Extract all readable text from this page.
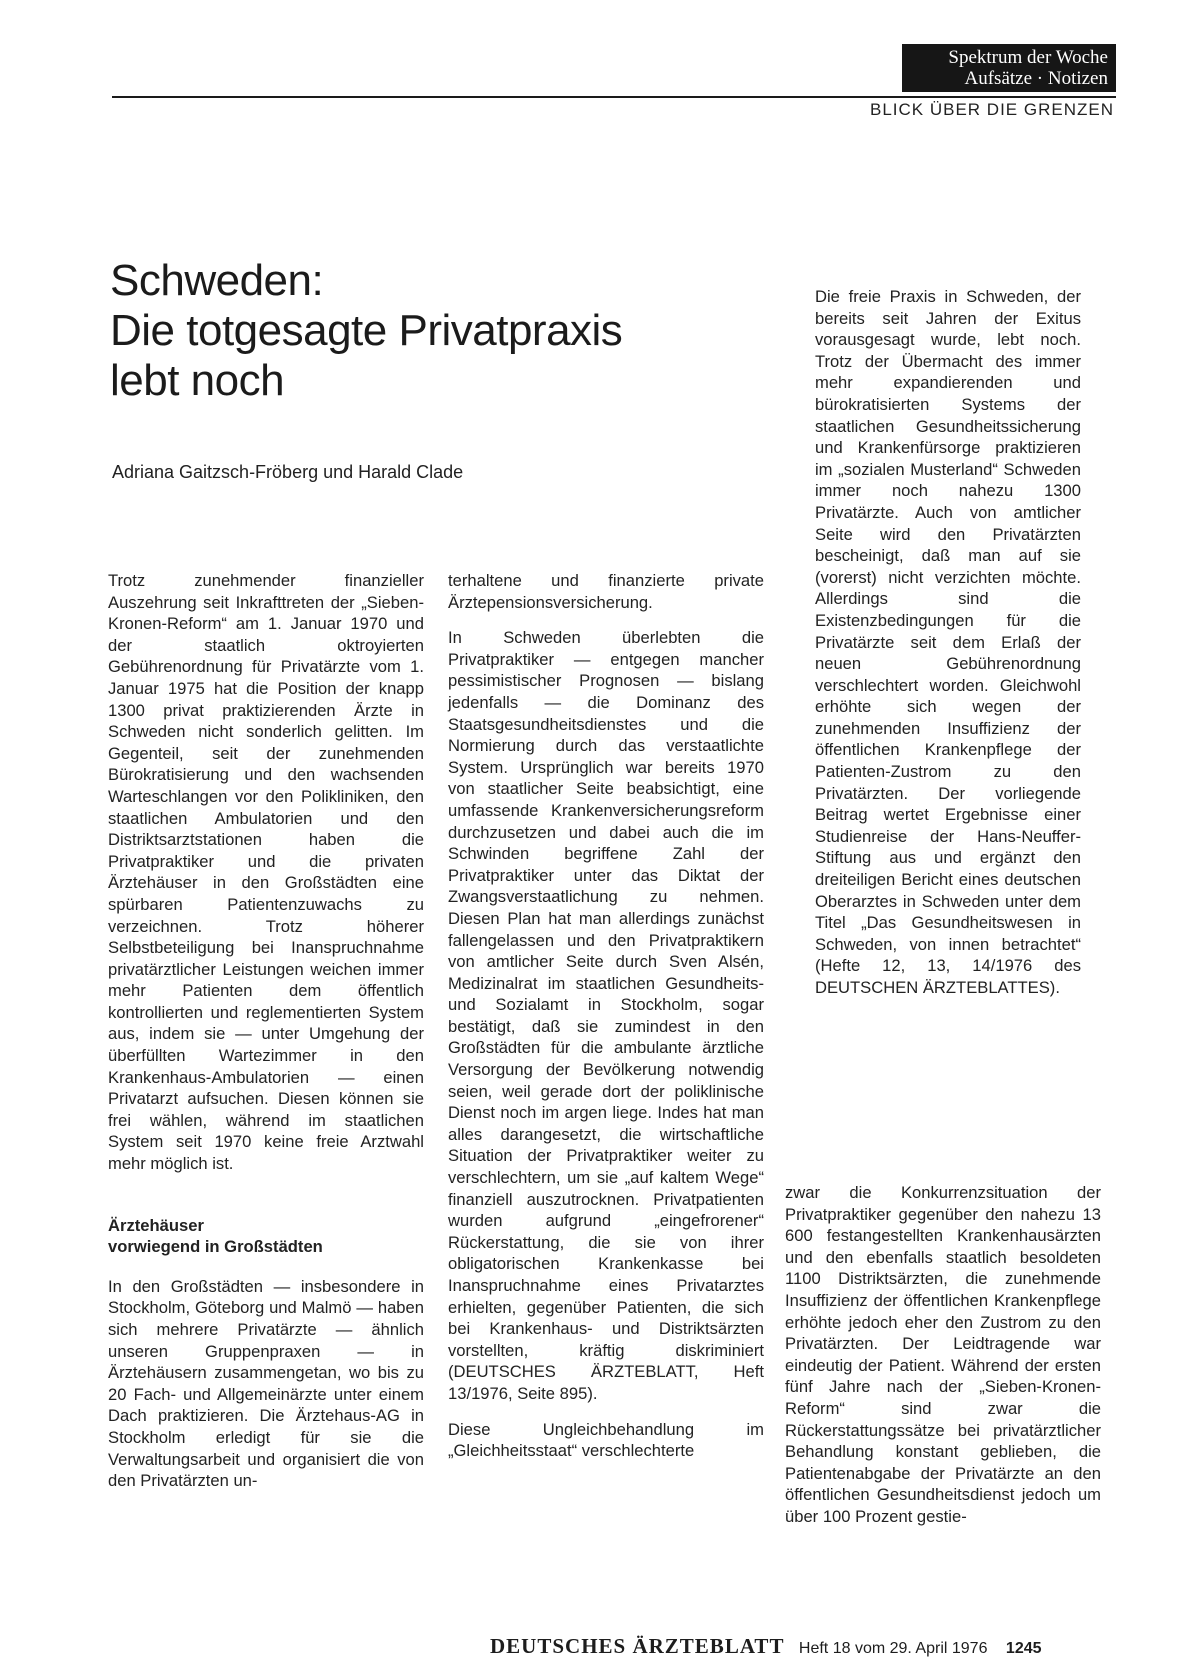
Spektrum der Woche
Aufsätze · Notizen
BLICK ÜBER DIE GRENZEN
Schweden:
Die totgesagte Privatpraxis
lebt noch
Adriana Gaitzsch-Fröberg und Harald Clade

Die freie Praxis in Schweden, der bereits seit Jahren der Exitus vorausgesagt wurde, lebt noch. Trotz der Übermacht des immer mehr expandierenden und bürokratisierten Systems der staatlichen Gesundheitssicherung und Krankenfürsorge praktizieren im „sozialen Musterland“ Schweden immer noch nahezu 1300 Privatärzte. Auch von amtlicher Seite wird den Privatärzten bescheinigt, daß man auf sie (vorerst) nicht verzichten möchte. Allerdings sind die Existenzbedingungen für die Privatärzte seit dem Erlaß der neuen Gebührenordnung verschlechtert worden. Gleichwohl erhöhte sich wegen der zunehmenden Insuffizienz der öffentlichen Krankenpflege der Patienten-Zustrom zu den Privatärzten. Der vorliegende Beitrag wertet Ergebnisse einer Studienreise der Hans-Neuffer-Stiftung aus und ergänzt den dreiteiligen Bericht eines deutschen Oberarztes in Schweden unter dem Titel „Das Gesundheitswesen in Schweden, von innen betrachtet“ (Hefte 12, 13, 14/1976 des DEUTSCHEN ÄRZTEBLATTES).

Trotz zunehmender finanzieller Auszehrung seit Inkrafttreten der „Sieben-Kronen-Reform“ am 1. Januar 1970 und der staatlich oktroyierten Gebührenordnung für Privatärzte vom 1. Januar 1975 hat die Position der knapp 1300 privat praktizierenden Ärzte in Schweden nicht sonderlich gelitten. Im Gegenteil, seit der zunehmenden Bürokratisierung und den wachsenden Warteschlangen vor den Polikliniken, den staatlichen Ambulatorien und den Distriktsarztstationen haben die Privatpraktiker und die privaten Ärztehäuser in den Großstädten eine spürbaren Patientenzuwachs zu verzeichnen. Trotz höherer Selbstbeteiligung bei Inanspruchnahme privatärztlicher Leistungen weichen immer mehr Patienten dem öffentlich kontrollierten und reglementierten System aus, indem sie — unter Umgehung der überfüllten Wartezimmer in den Krankenhaus-Ambulatorien — einen Privatarzt aufsuchen. Diesen können sie frei wählen, während im staatlichen System seit 1970 keine freie Arztwahl mehr möglich ist.

Ärztehäuser
vorwiegend in Großstädten

In den Großstädten — insbesondere in Stockholm, Göteborg und Malmö — haben sich mehrere Privatärzte — ähnlich unseren Gruppenpraxen — in Ärztehäusern zusammengetan, wo bis zu 20 Fach- und Allgemeinärzte unter einem Dach praktizieren. Die Ärztehaus-AG in Stockholm erledigt für sie die Verwaltungsarbeit und organisiert die von den Privatärzten un-

terhaltene und finanzierte private Ärztepensionsversicherung.

In Schweden überlebten die Privatpraktiker — entgegen mancher pessimistischer Prognosen — bislang jedenfalls — die Dominanz des Staatsgesundheitsdienstes und die Normierung durch das verstaatlichte System. Ursprünglich war bereits 1970 von staatlicher Seite beabsichtigt, eine umfassende Krankenversicherungsreform durchzusetzen und dabei auch die im Schwinden begriffene Zahl der Privatpraktiker unter das Diktat der Zwangsverstaatlichung zu nehmen. Diesen Plan hat man allerdings zunächst fallengelassen und den Privatpraktikern von amtlicher Seite durch Sven Alsén, Medizinalrat im staatlichen Gesundheits- und Sozialamt in Stockholm, sogar bestätigt, daß sie zumindest in den Großstädten für die ambulante ärztliche Versorgung der Bevölkerung notwendig seien, weil gerade dort der poliklinische Dienst noch im argen liege. Indes hat man alles darangesetzt, die wirtschaftliche Situation der Privatpraktiker weiter zu verschlechtern, um sie „auf kaltem Wege“ finanziell auszutrocknen. Privatpatienten wurden aufgrund „eingefrorener“ Rückerstattung, die sie von ihrer obligatorischen Krankenkasse bei Inanspruchnahme eines Privatarztes erhielten, gegenüber Patienten, die sich bei Krankenhaus- und Distriktsärzten vorstellten, kräftig diskriminiert (DEUTSCHES ÄRZTEBLATT, Heft 13/1976, Seite 895).

Diese Ungleichbehandlung im „Gleichheitsstaat“ verschlechterte

zwar die Konkurrenzsituation der Privatpraktiker gegenüber den nahezu 13 600 festangestellten Krankenhausärzten und den ebenfalls staatlich besoldeten 1100 Distriktsärzten, die zunehmende Insuffizienz der öffentlichen Krankenpflege erhöhte jedoch eher den Zustrom zu den Privatärzten. Der Leidtragende war eindeutig der Patient. Während der ersten fünf Jahre nach der „Sieben-Kronen-Reform“ sind zwar die Rückerstattungssätze bei privatärztlicher Behandlung konstant geblieben, die Patientenabgabe der Privatärzte an den öffentlichen Gesundheitsdienst jedoch um über 100 Prozent gestie-

DEUTSCHES ÄRZTEBLATT Heft 18 vom 29. April 1976 1245
